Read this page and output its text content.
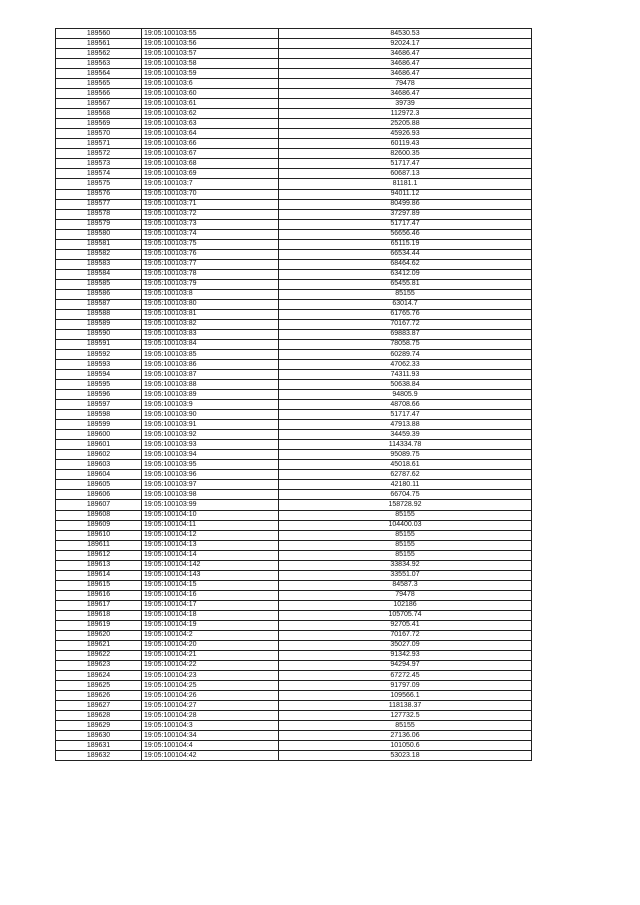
189560	19:05:100103:55	84530.53
189561	19:05:100103:56	92024.17
189562	19:05:100103:57	34686.47
189563	19:05:100103:58	34686.47
189564	19:05:100103:59	34686.47
189565	19:05:100103:6	79478
189566	19:05:100103:60	34686.47
189567	19:05:100103:61	39739
189568	19:05:100103:62	112972.3
189569	19:05:100103:63	25205.88
189570	19:05:100103:64	45926.93
189571	19:05:100103:66	60119.43
189572	19:05:100103:67	82600.35
189573	19:05:100103:68	51717.47
189574	19:05:100103:69	60687.13
189575	19:05:100103:7	81181.1
189576	19:05:100103:70	94011.12
189577	19:05:100103:71	80499.86
189578	19:05:100103:72	37297.89
189579	19:05:100103:73	51717.47
189580	19:05:100103:74	56656.46
189581	19:05:100103:75	65115.19
189582	19:05:100103:76	66534.44
189583	19:05:100103:77	68464.62
189584	19:05:100103:78	63412.09
189585	19:05:100103:79	65455.81
189586	19:05:100103:8	85155
189587	19:05:100103:80	63014.7
189588	19:05:100103:81	61765.76
189589	19:05:100103:82	70167.72
189590	19:05:100103:83	69883.87
189591	19:05:100103:84	78058.75
189592	19:05:100103:85	60289.74
189593	19:05:100103:86	47062.33
189594	19:05:100103:87	74311.93
189595	19:05:100103:88	50638.84
189596	19:05:100103:89	94805.9
189597	19:05:100103:9	48708.66
189598	19:05:100103:90	51717.47
189599	19:05:100103:91	47913.88
189600	19:05:100103:92	34459.39
189601	19:05:100103:93	114334.78
189602	19:05:100103:94	95089.75
189603	19:05:100103:95	45018.61
189604	19:05:100103:96	62787.62
189605	19:05:100103:97	42180.11
189606	19:05:100103:98	66704.75
189607	19:05:100103:99	158728.92
189608	19:05:100104:10	85155
189609	19:05:100104:11	104400.03
189610	19:05:100104:12	85155
189611	19:05:100104:13	85155
189612	19:05:100104:14	85155
189613	19:05:100104:142	33834.92
189614	19:05:100104:143	33551.07
189615	19:05:100104:15	84587.3
189616	19:05:100104:16	79478
189617	19:05:100104:17	102186
189618	19:05:100104:18	105705.74
189619	19:05:100104:19	92705.41
189620	19:05:100104:2	70167.72
189621	19:05:100104:20	35027.09
189622	19:05:100104:21	91342.93
189623	19:05:100104:22	94294.97
189624	19:05:100104:23	67272.45
189625	19:05:100104:25	91797.09
189626	19:05:100104:26	109566.1
189627	19:05:100104:27	118138.37
189628	19:05:100104:28	127732.5
189629	19:05:100104:3	85155
189630	19:05:100104:34	27136.06
189631	19:05:100104:4	101050.6
189632	19:05:100104:42	53023.18
